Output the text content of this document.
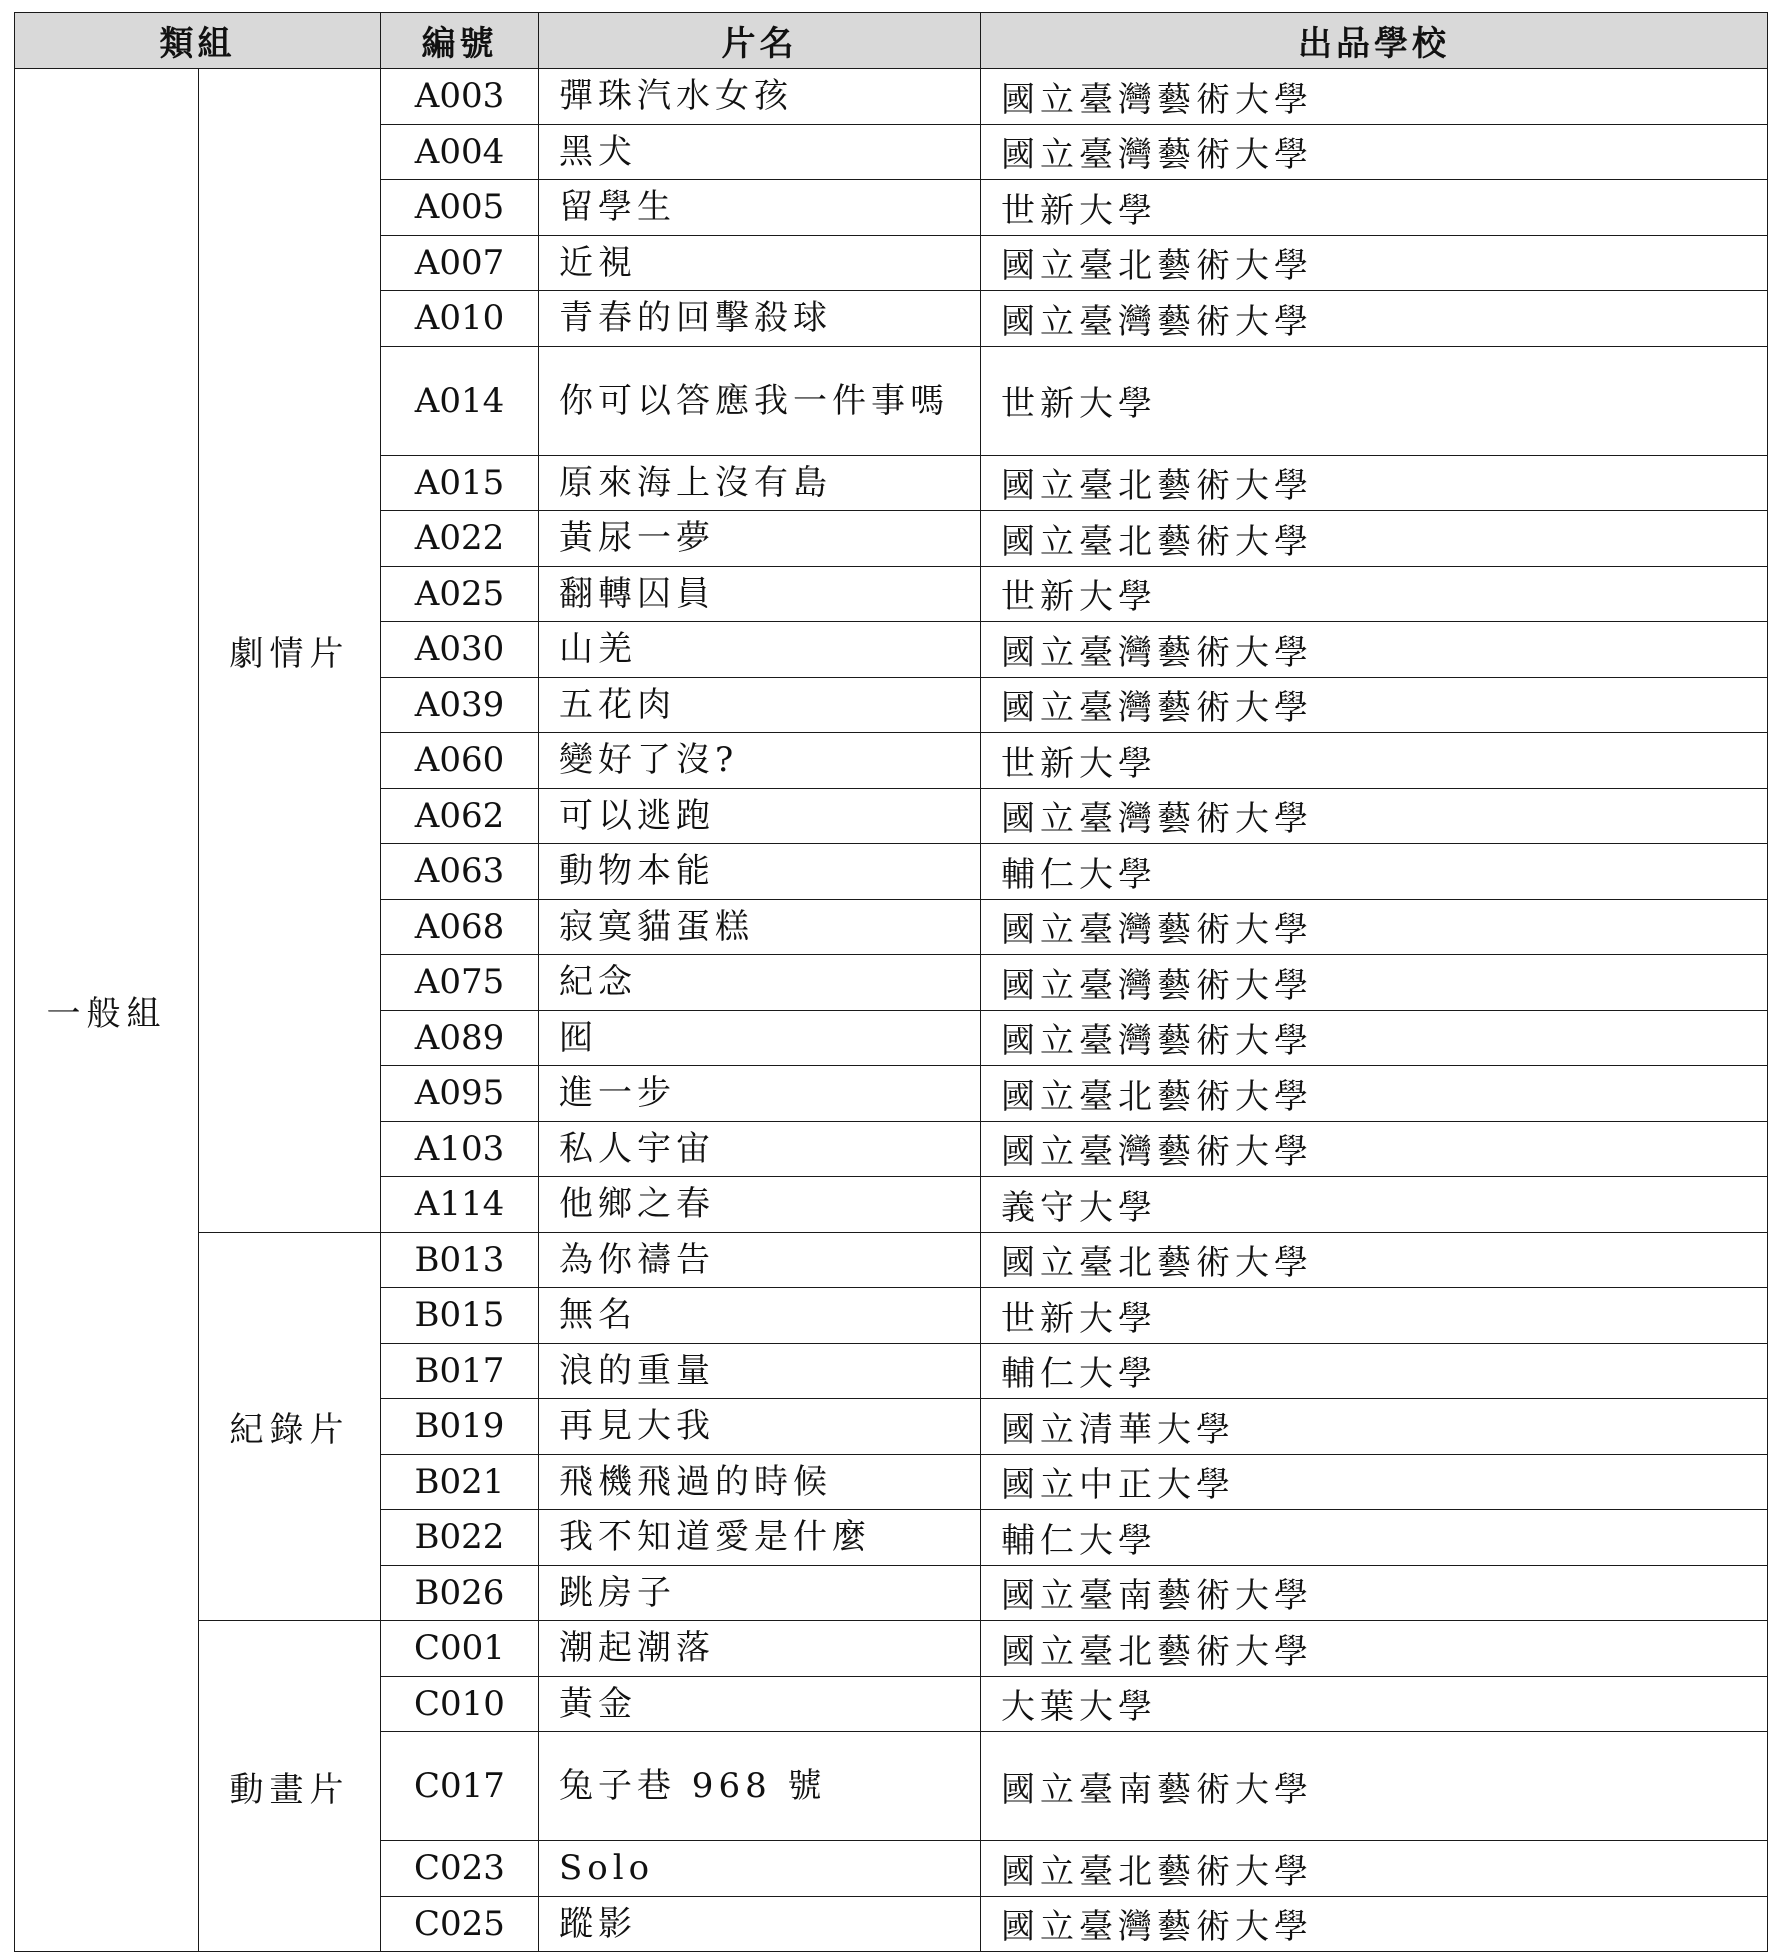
類組		編號	片名	出品學校
一般組	劇情片	A003	彈珠汽水女孩	國立臺灣藝術大學
		A004	黑犬	國立臺灣藝術大學
		A005	留學生	世新大學
		A007	近視	國立臺北藝術大學
		A010	青春的回擊殺球	國立臺灣藝術大學
		A014	你可以答應我一件事嗎	世新大學
		A015	原來海上沒有島	國立臺北藝術大學
		A022	黃尿一夢	國立臺北藝術大學
		A025	翻轉囚員	世新大學
		A030	山羌	國立臺灣藝術大學
		A039	五花肉	國立臺灣藝術大學
		A060	變好了沒?	世新大學
		A062	可以逃跑	國立臺灣藝術大學
		A063	動物本能	輔仁大學
		A068	寂寞貓蛋糕	國立臺灣藝術大學
		A075	紀念	國立臺灣藝術大學
		A089	囮	國立臺灣藝術大學
		A095	進一步	國立臺北藝術大學
		A103	私人宇宙	國立臺灣藝術大學
		A114	他鄉之春	義守大學
	紀錄片	B013	為你禱告	國立臺北藝術大學
		B015	無名	世新大學
		B017	浪的重量	輔仁大學
		B019	再見大我	國立清華大學
		B021	飛機飛過的時候	國立中正大學
		B022	我不知道愛是什麼	輔仁大學
		B026	跳房子	國立臺南藝術大學
	動畫片	C001	潮起潮落	國立臺北藝術大學
		C010	黃金	大葉大學
		C017	兔子巷 968 號	國立臺南藝術大學
		C023	Solo	國立臺北藝術大學
		C025	蹤影	國立臺灣藝術大學
